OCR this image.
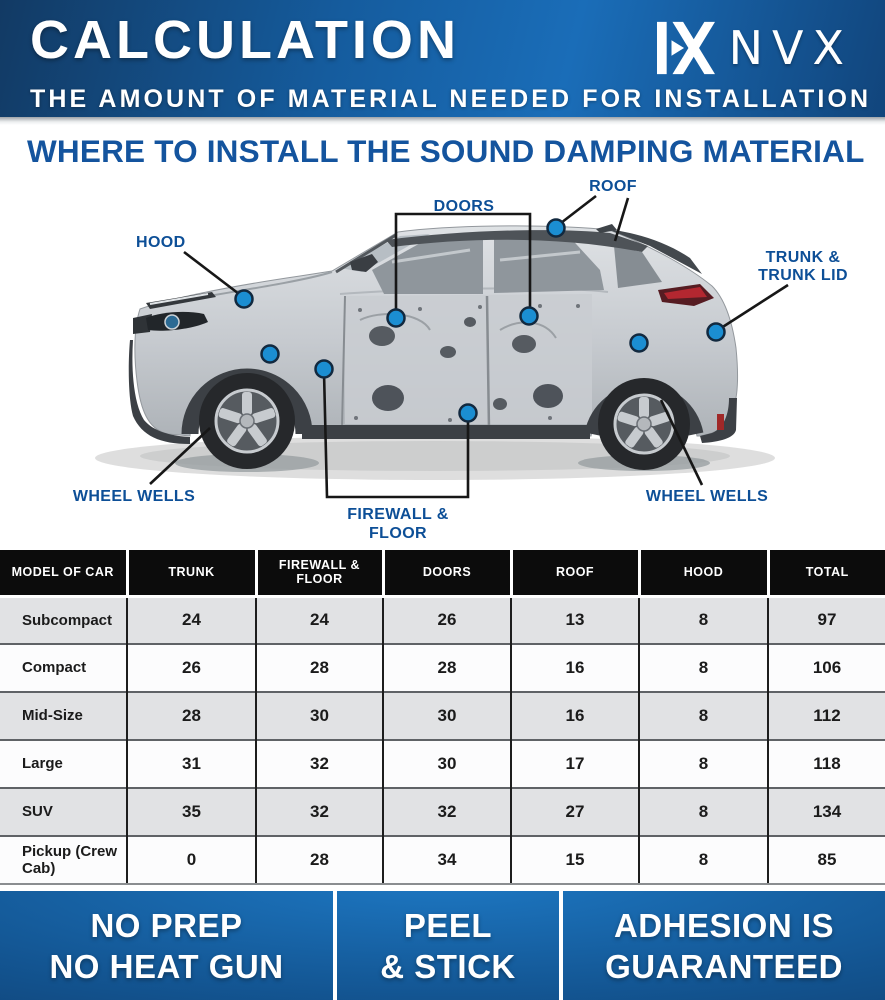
CALCULATION	NVX
THE AMOUNT OF MATERIAL NEEDED FOR INSTALLATION
WHERE TO INSTALL THE SOUND DAMPING MATERIAL
HOOD
ROOF
DOORS
TRUNK &
TRUNK LID
WHEEL WELLS	WHEEL WELLS
FIREWALL &
FLOOR
MODEL OF CAR	TRUNK	FIREWALL & FLOOR	DOORS	ROOF	HOOD	TOTAL
Subcompact	24	24	26	13	8	97
Compact	26	28	28	16	8	106
Mid-Size	28	30	30	16	8	112
Large	31	32	30	17	8	118
SUV	35	32	32	27	8	134
Pickup (Crew Cab)	0	28	34	15	8	85
NO PREP
NO HEAT GUN
PEEL
& STICK
ADHESION IS
GUARANTEED
